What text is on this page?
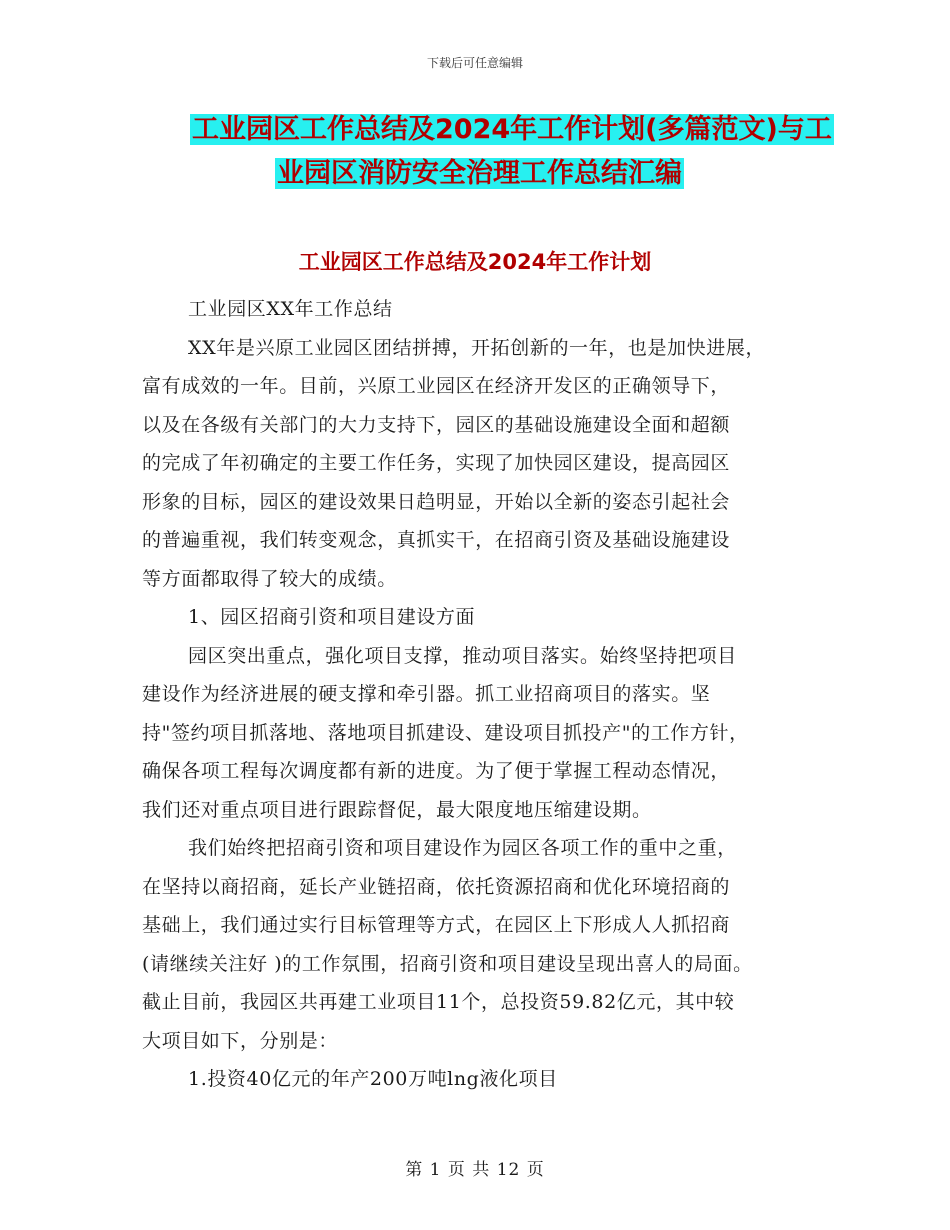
下载后可任意编辑
工业园区工作总结及2024年工作计划(多篇范文)与工
业园区消防安全治理工作总结汇编
工业园区工作总结及2024年工作计划
工业园区XX年工作总结
XX年是兴原工业园区团结拼搏，开拓创新的一年，也是加快进展，
富有成效的一年。目前，兴原工业园区在经济开发区的正确领导下，
以及在各级有关部门的大力支持下，园区的基础设施建设全面和超额
的完成了年初确定的主要工作任务，实现了加快园区建设，提高园区
形象的目标，园区的建设效果日趋明显，开始以全新的姿态引起社会
的普遍重视，我们转变观念，真抓实干，在招商引资及基础设施建设
等方面都取得了较大的成绩。
1、园区招商引资和项目建设方面
园区突出重点，强化项目支撑，推动项目落实。始终坚持把项目
建设作为经济进展的硬支撑和牵引器。抓工业招商项目的落实。坚
持"签约项目抓落地、落地项目抓建设、建设项目抓投产"的工作方针，
确保各项工程每次调度都有新的进度。为了便于掌握工程动态情况，
我们还对重点项目进行跟踪督促，最大限度地压缩建设期。
我们始终把招商引资和项目建设作为园区各项工作的重中之重，
在坚持以商招商，延长产业链招商，依托资源招商和优化环境招商的
基础上，我们通过实行目标管理等方式，在园区上下形成人人抓招商
(请继续关注好 )的工作氛围，招商引资和项目建设呈现出喜人的局面。
截止目前，我园区共再建工业项目11个，总投资59.82亿元，其中较
大项目如下，分别是：
1.投资40亿元的年产200万吨lng液化项目
第 1 页 共 12 页
